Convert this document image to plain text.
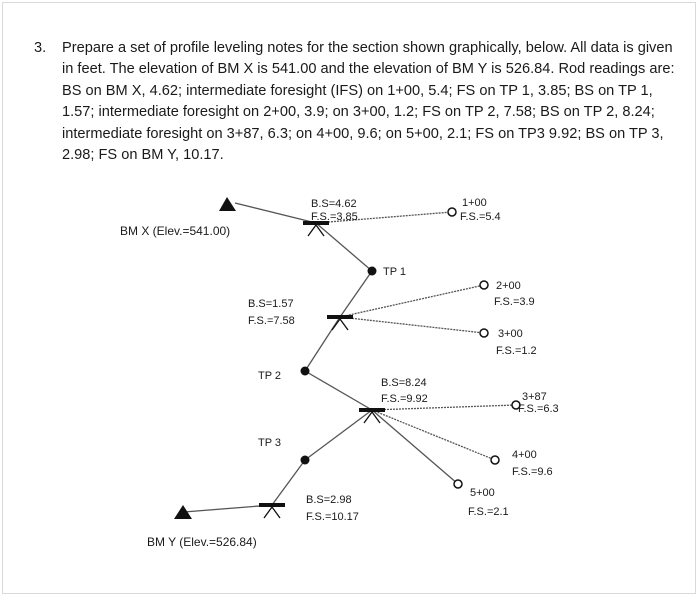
3. Prepare a set of profile leveling notes for the section shown graphically, below. All data is given in feet. The elevation of BM X is 541.00 and the elevation of BM Y is 526.84. Rod readings are: BS on BM X, 4.62; intermediate foresight (IFS) on 1+00, 5.4; FS on TP 1, 3.85; BS on TP 1, 1.57; intermediate foresight on 2+00, 3.9; on 3+00, 1.2; FS on TP 2, 7.58; BS on TP 2, 8.24; intermediate foresight on 3+87, 6.3; on 4+00, 9.6; on 5+00, 2.1; FS on TP3 9.92; BS on TP 3, 2.98; FS on BM Y, 10.17.
BM X (Elev.=541.00)
BM Y (Elev.=526.84)
B.S=4.62
F.S.=3.85
B.S=1.57
F.S.=7.58
B.S=8.24
F.S.=9.92
B.S=2.98
F.S.=10.17
TP 1
TP 2
TP 3
1+00
F.S.=5.4
2+00
F.S.=3.9
3+00
F.S.=1.2
3+87
F.S.=6.3
4+00
F.S.=9.6
5+00
F.S.=2.1
